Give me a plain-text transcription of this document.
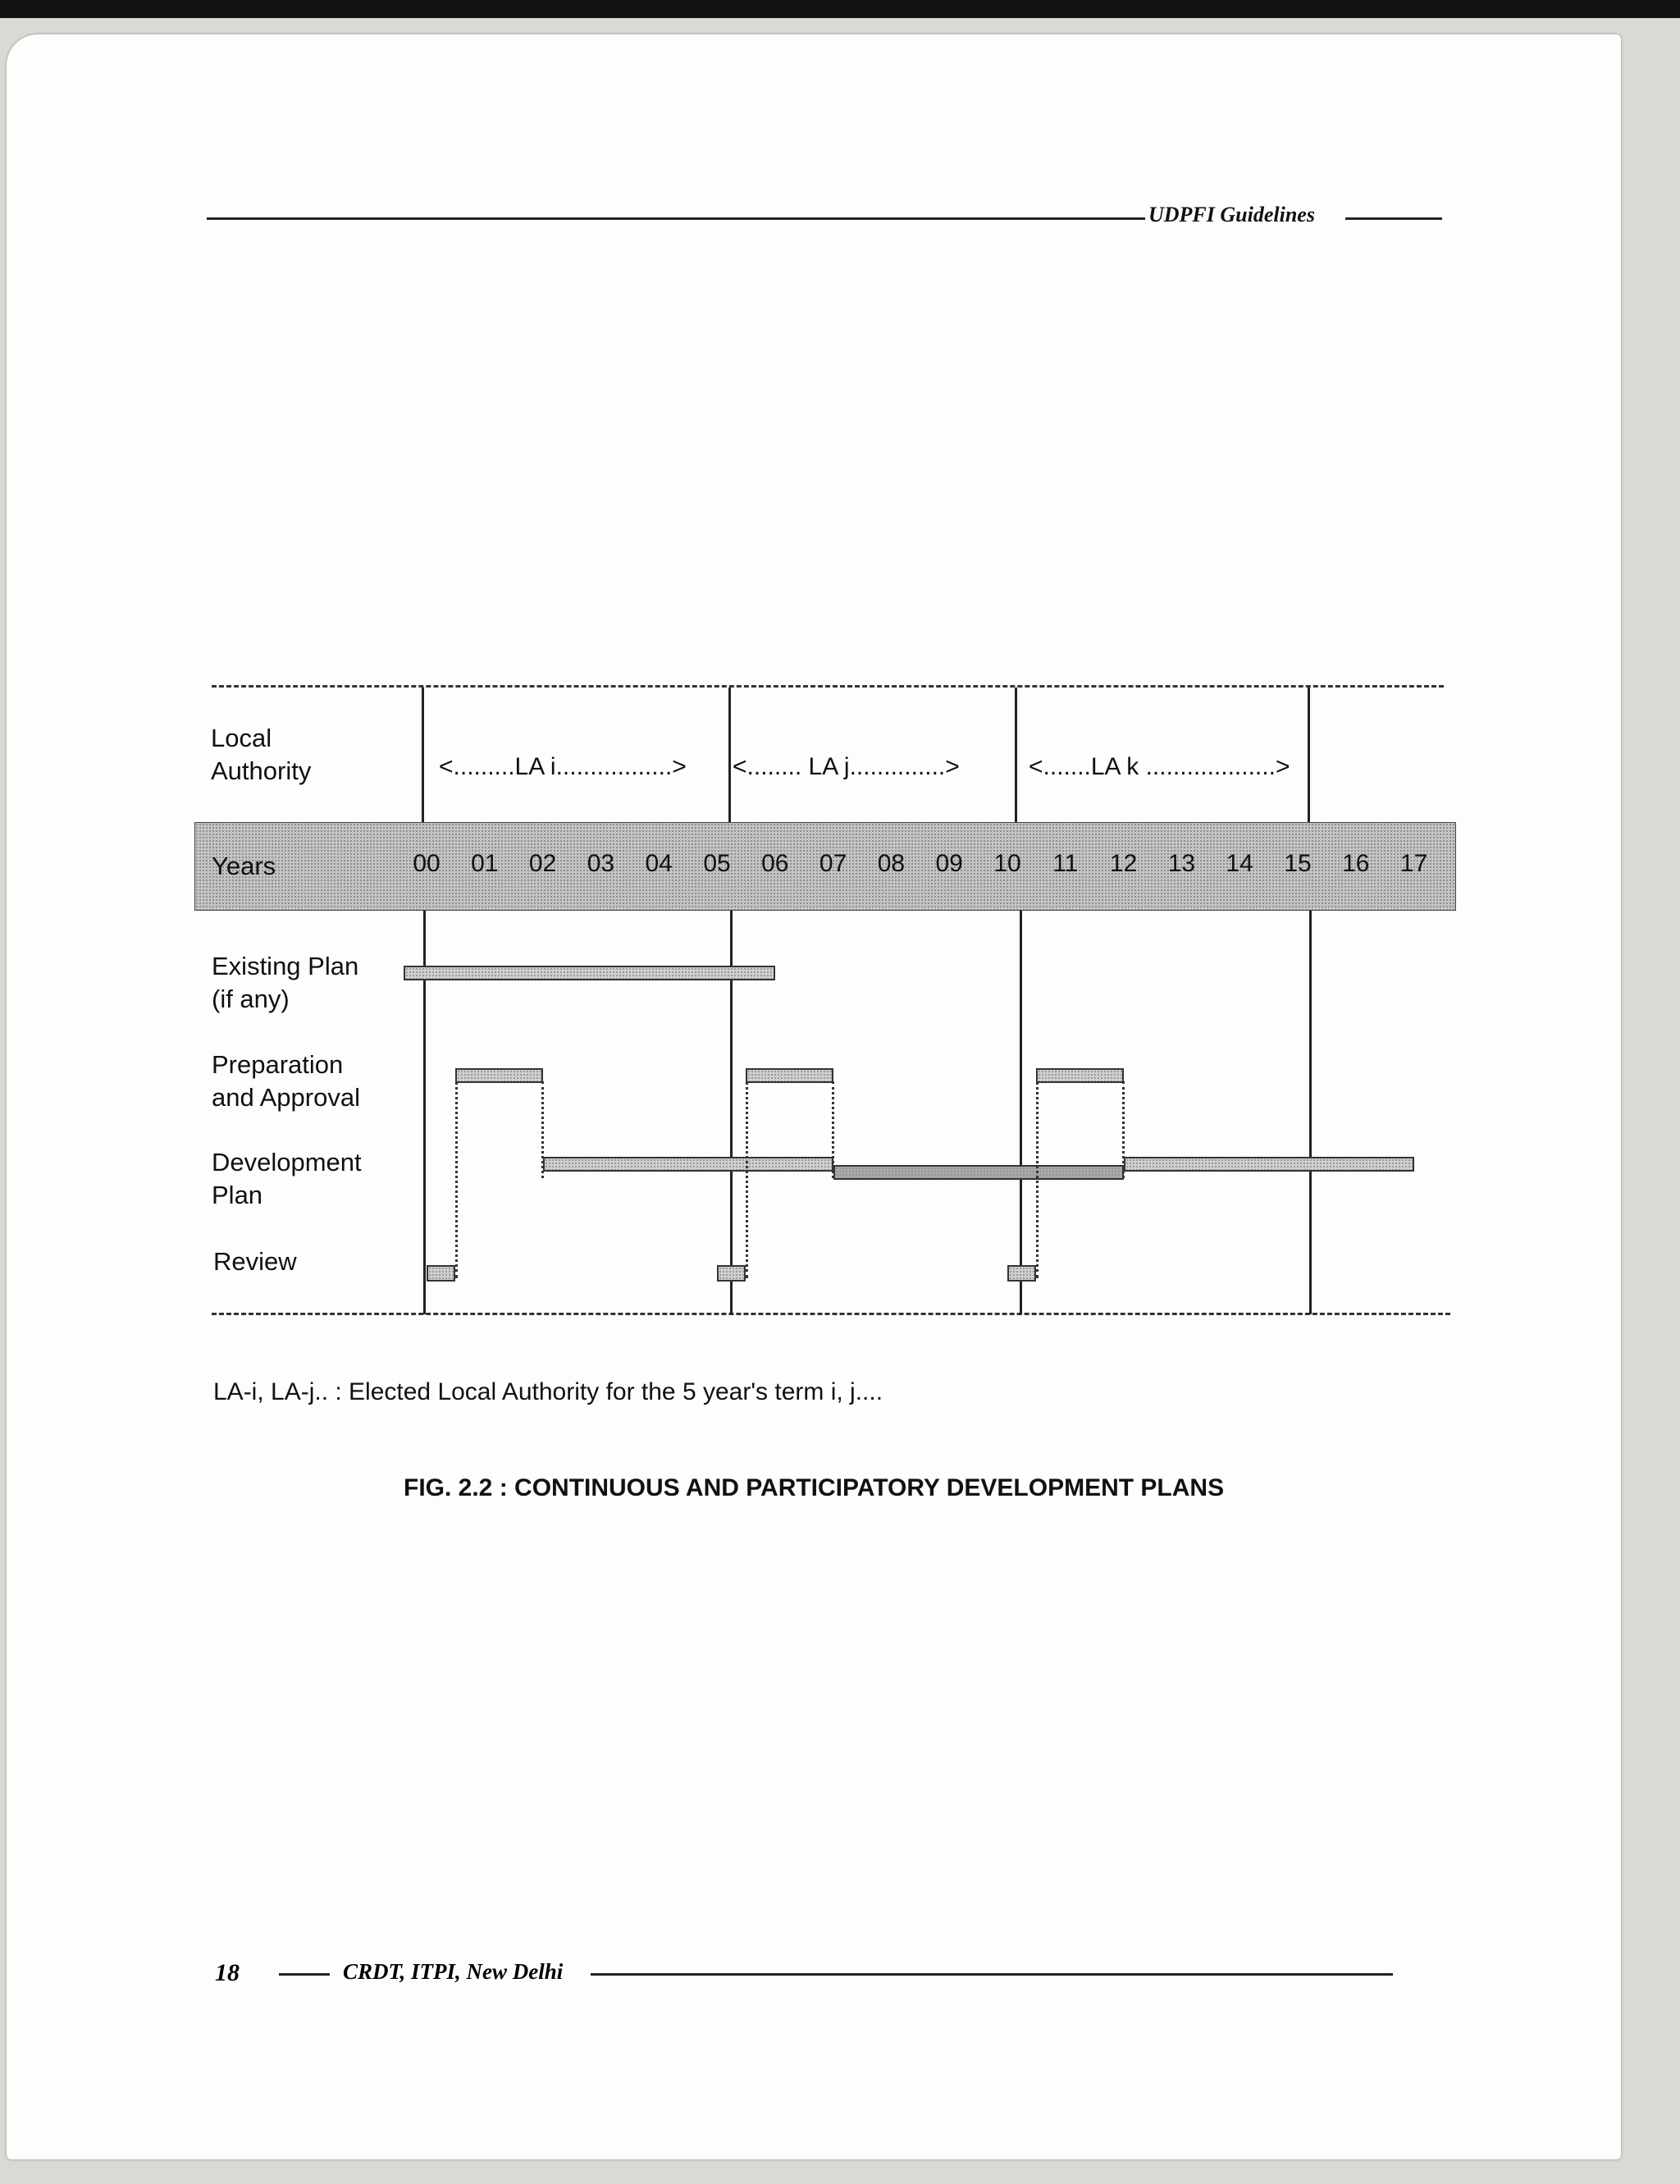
UDPFI Guidelines
Local
Authority	<.........LA i.................> <........ LA j..............>	<.......LA k ...................>
Years	00 01 02 03 04 05 06 07 08 09 10 11 12 13 14 15 16 17
Existing Plan
(if any)
Preparation
and Approval
Development
Plan
Review
LA-i, LA-j.. : Elected Local Authority for the 5 year's term i, j....
FIG. 2.2 : CONTINUOUS AND PARTICIPATORY DEVELOPMENT PLANS
18	CRDT, ITPI, New Delhi
